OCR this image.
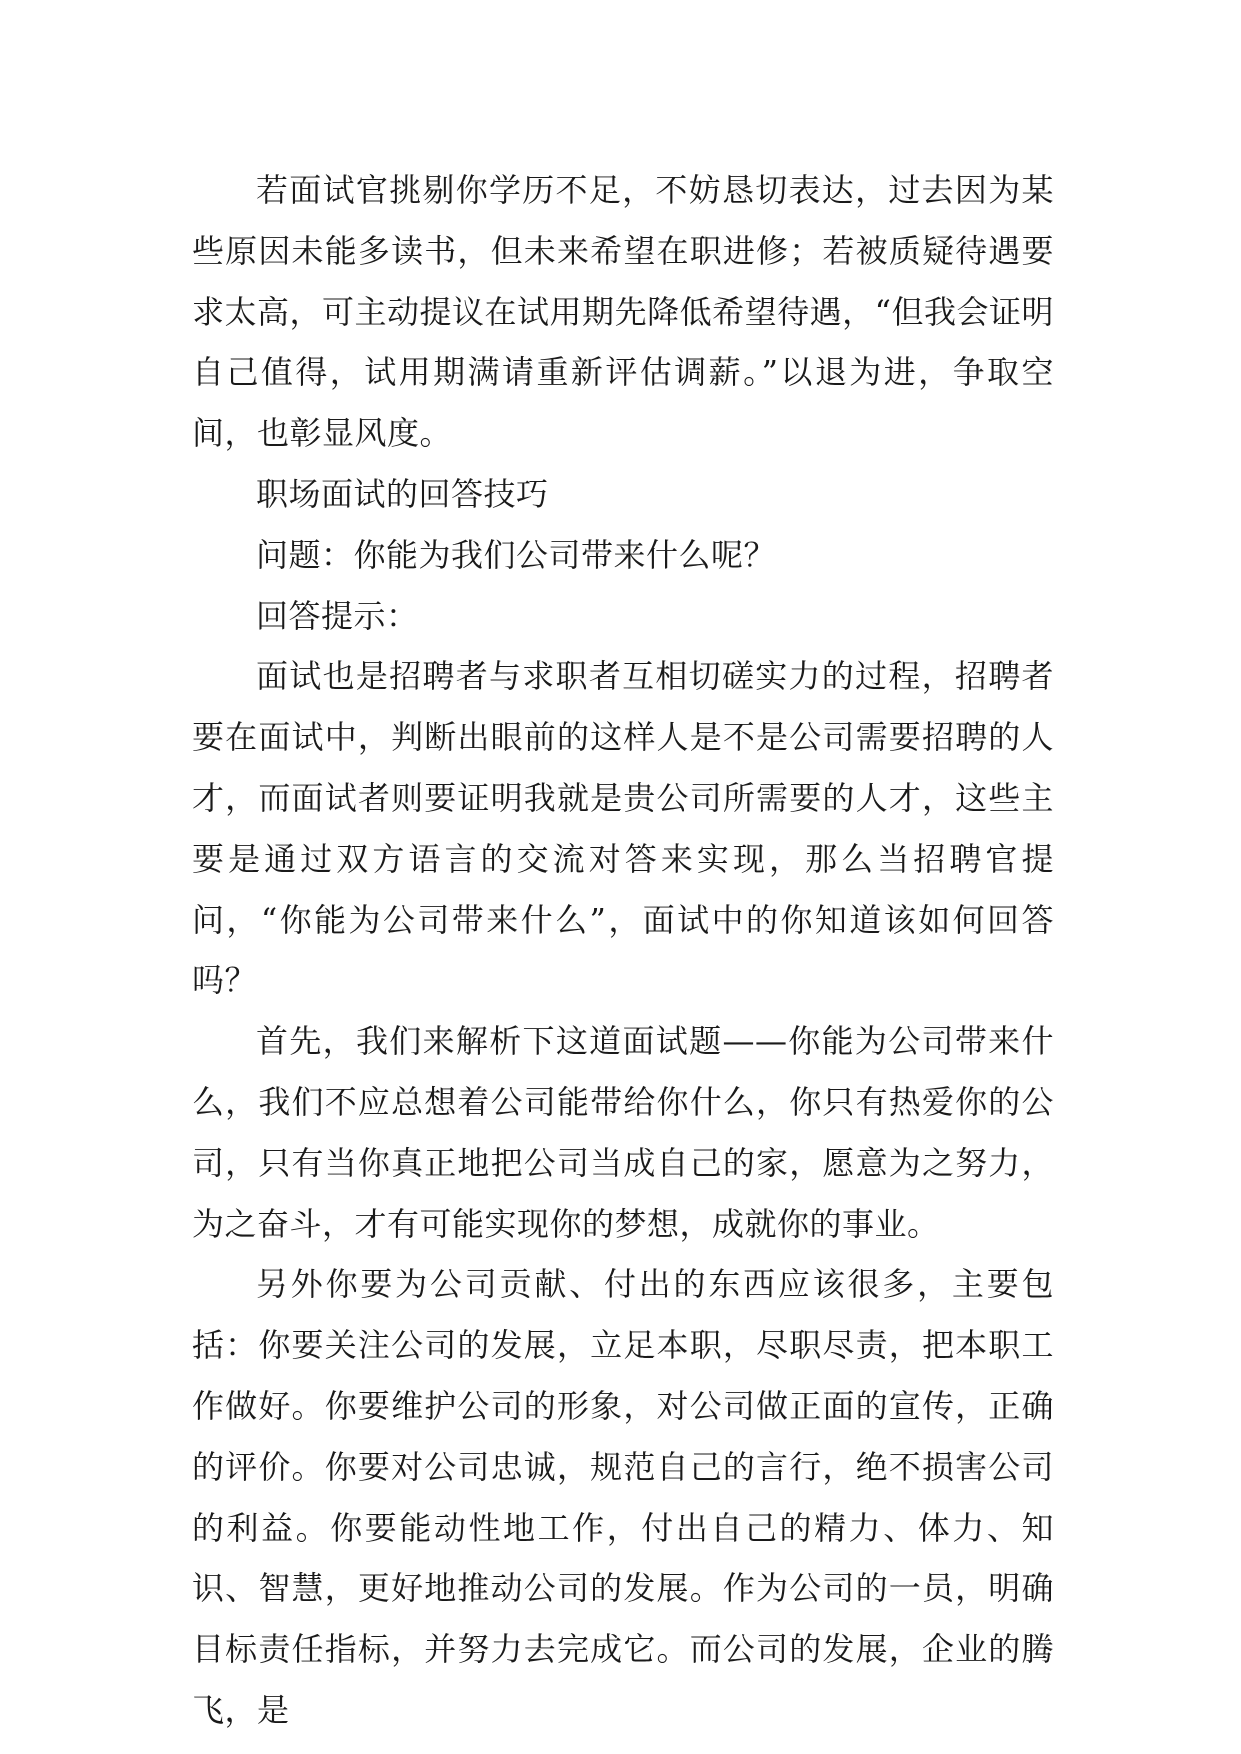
若面试官挑剔你学历不足，不妨恳切表达，过去因为某些原因未能多读书，但未来希望在职进修；若被质疑待遇要求太高，可主动提议在试用期先降低希望待遇，“但我会证明自己值得，试用期满请重新评估调薪。”以退为进，争取空间，也彰显风度。

职场面试的回答技巧

问题：你能为我们公司带来什么呢？

回答提示：

面试也是招聘者与求职者互相切磋实力的过程，招聘者要在面试中，判断出眼前的这样人是不是公司需要招聘的人才，而面试者则要证明我就是贵公司所需要的人才，这些主要是通过双方语言的交流对答来实现，那么当招聘官提问，“你能为公司带来什么”，面试中的你知道该如何回答吗？

首先，我们来解析下这道面试题——你能为公司带来什么，我们不应总想着公司能带给你什么，你只有热爱你的公司，只有当你真正地把公司当成自己的家，愿意为之努力，为之奋斗，才有可能实现你的梦想，成就你的事业。

另外你要为公司贡献、付出的东西应该很多，主要包括：你要关注公司的发展，立足本职，尽职尽责，把本职工作做好。你要维护公司的形象，对公司做正面的宣传，正确的评价。你要对公司忠诚，规范自己的言行，绝不损害公司的利益。你要能动性地工作，付出自己的精力、体力、知识、智慧，更好地推动公司的发展。作为公司的一员，明确目标责任指标，并努力去完成它。而公司的发展，企业的腾飞，是
